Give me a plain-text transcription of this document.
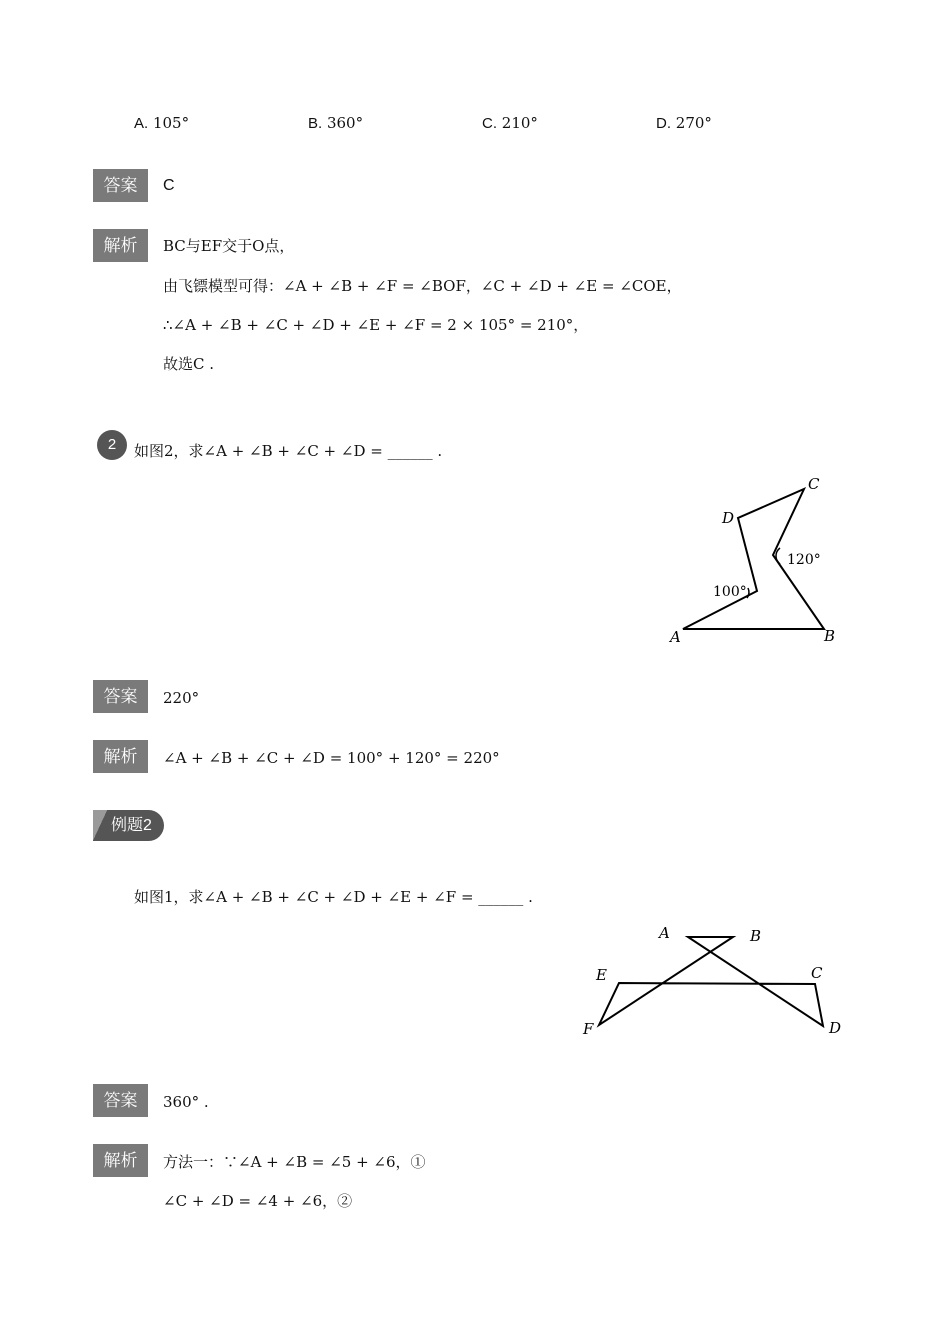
A. 105°	B. 360°	C. 210°	D. 270°
答案	C
解析	BC与EF交于O点，
由飞镖模型可得：∠A + ∠B + ∠F = ∠BOF，∠C + ∠D + ∠E = ∠COE，
∴∠A + ∠B + ∠C + ∠D + ∠E + ∠F = 2 × 105° = 210°，
故选C .
2	如图2，求∠A + ∠B + ∠C + ∠D = ______ .
A	B
C
D
100°
120°
答案	220°
解析	∠A + ∠B + ∠C + ∠D = 100° + 120° = 220°
例题2
如图1，求∠A + ∠B + ∠C + ∠D + ∠E + ∠F = ______ .
A	B
C
D
E
F
答案	360° .
解析	方法一：∵∠A + ∠B = ∠5 + ∠6，①
∠C + ∠D = ∠4 + ∠6，②
